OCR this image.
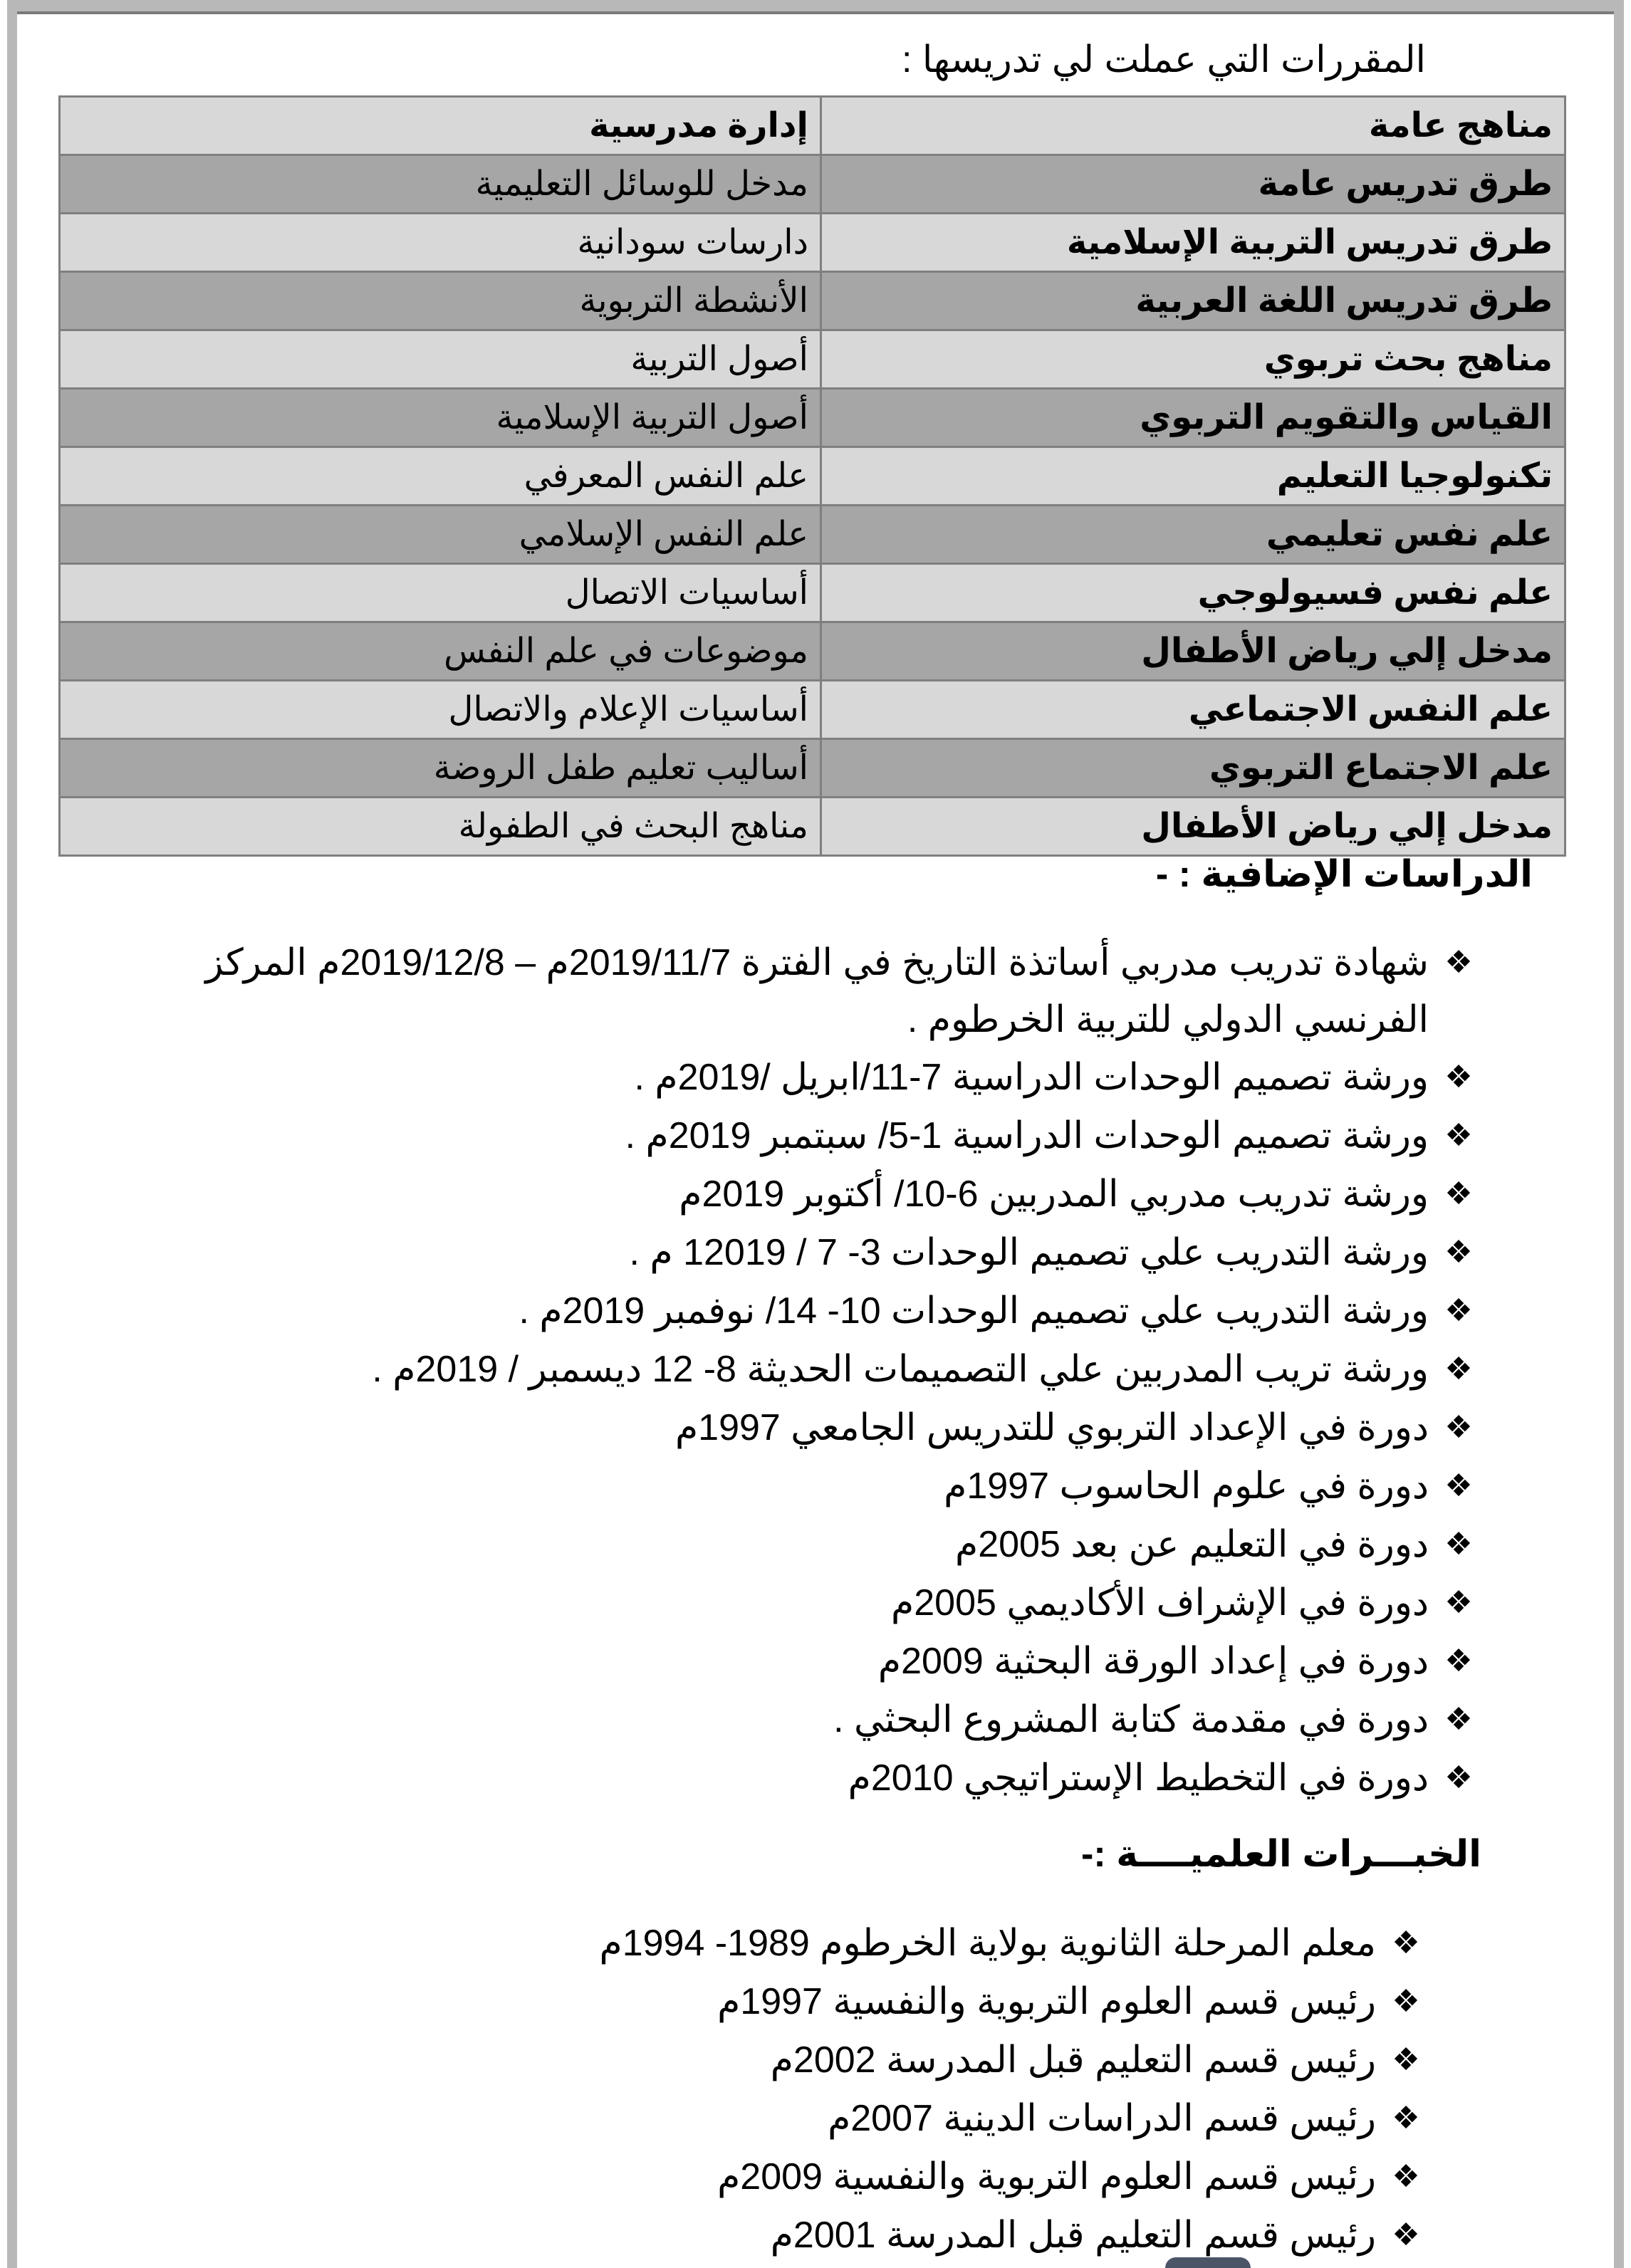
المقررات التي عملت لي تدريسها :
مناهج عامة	إدارة مدرسية
طرق تدريس عامة	مدخل للوسائل التعليمية
طرق تدريس التربية الإسلامية	دارسات سودانية
طرق تدريس اللغة العربية	الأنشطة التربوية
مناهج بحث تربوي	أصول التربية
القياس والتقويم التربوي	أصول التربية الإسلامية
تكنولوجيا التعليم	علم النفس المعرفي
علم نفس تعليمي	علم النفس الإسلامي
علم نفس فسيولوجي	أساسيات الاتصال
مدخل إلي رياض الأطفال	موضوعات في علم النفس
علم النفس الاجتماعي	أساسيات الإعلام والاتصال
علم الاجتماع التربوي	أساليب تعليم طفل الروضة
مدخل إلي رياض الأطفال	مناهج البحث في الطفولة
الدراسات الإضافية : -
❖
شهادة تدريب مدربي أساتذة التاريخ في الفترة 2019/11/7م – 2019/12/8م المركز الفرنسي الدولي للتربية الخرطوم .
❖
ورشة تصميم الوحدات الدراسية 7-11/ابريل /2019م .
❖
ورشة تصميم الوحدات الدراسية 1-5/ سبتمبر 2019م .
❖
ورشة تدريب مدربي المدربين 6-10/ أكتوبر 2019م
❖
ورشة التدريب علي تصميم الوحدات 3- 7 / 12019 م .
❖
ورشة التدريب علي تصميم الوحدات 10- 14/ نوفمبر 2019م .
❖
ورشة تريب المدربين علي التصميمات الحديثة 8- 12 ديسمبر / 2019م .
❖
دورة في الإعداد التربوي للتدريس الجامعي 1997م
❖
دورة في علوم الحاسوب 1997م
❖
دورة في التعليم عن بعد 2005م
❖
دورة في الإشراف الأكاديمي 2005م
❖
دورة في إعداد الورقة البحثية 2009م
❖
دورة في مقدمة كتابة المشروع البحثي .
❖
دورة في التخطيط الإستراتيجي 2010م
الخبـــرات العلميــــة :-
❖
معلم المرحلة الثانوية بولاية الخرطوم 1989- 1994م
❖
رئيس قسم العلوم التربوية والنفسية 1997م
❖
رئيس قسم التعليم قبل المدرسة 2002م
❖
رئيس قسم الدراسات الدينية 2007م
❖
رئيس قسم العلوم التربوية والنفسية 2009م
❖
رئيس قسم التعليم قبل المدرسة 2001م
